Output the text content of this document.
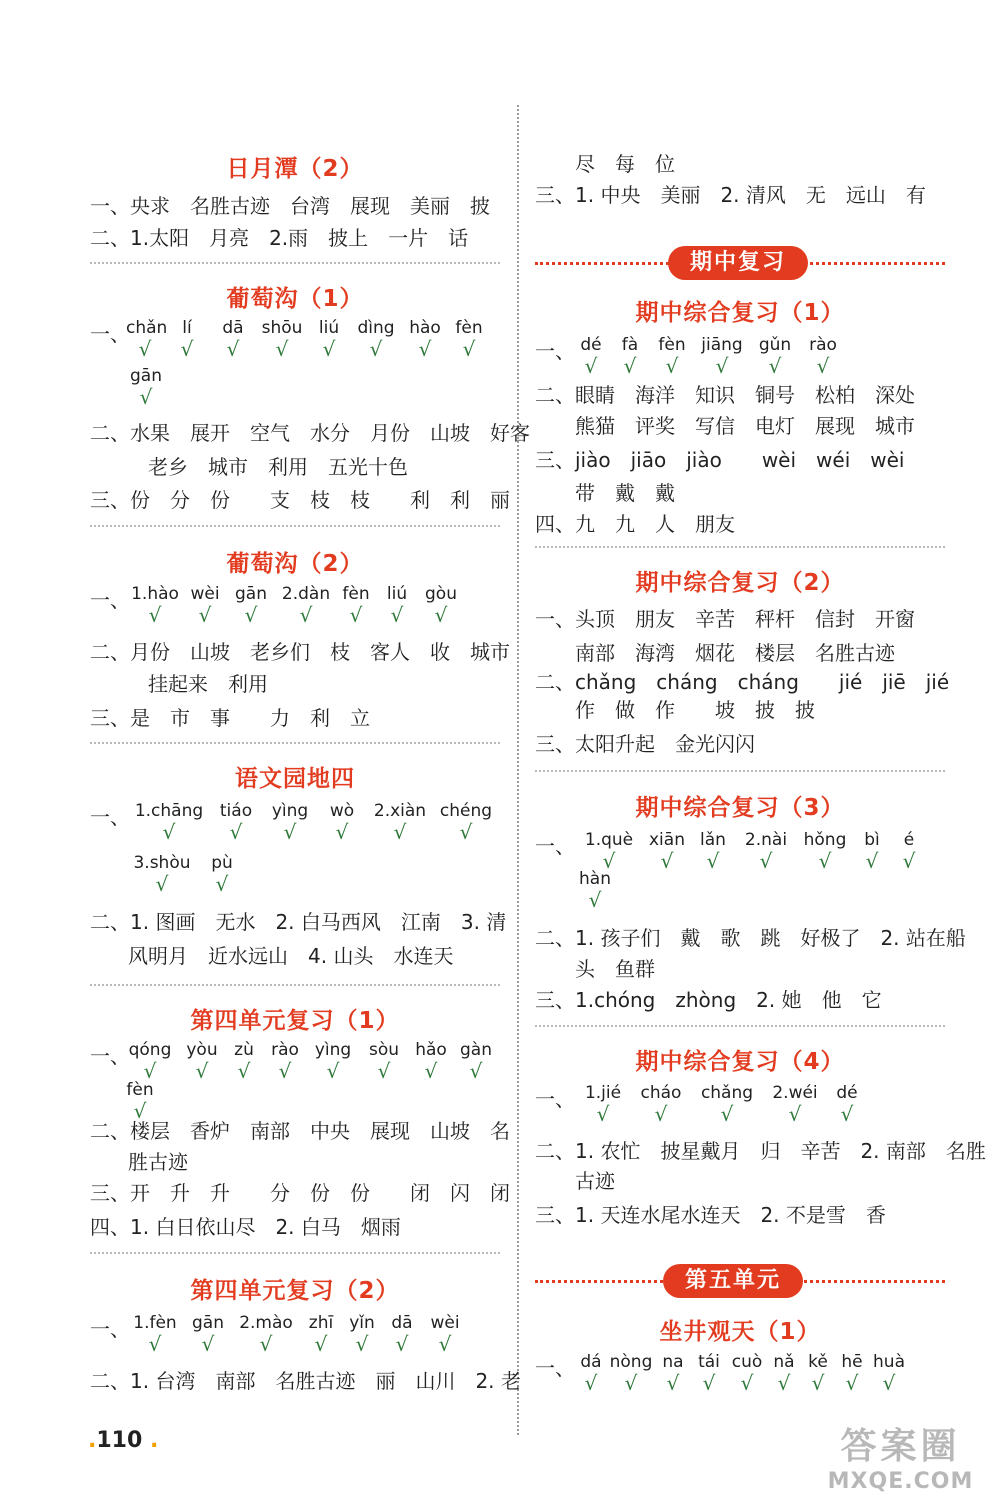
日月潭（2）
一、央求　名胜古迹　台湾　展现　美丽　披
二、1.太阳　月亮　2.雨　披上　一片　话
葡萄沟（1）
一、
chǎn
√
lí
√
dā
√
shōu
√
liú
√
dìng
√
hào
√
fèn
√
gān
√
二、水果　展开　空气　水分　月份　山坡　好客
老乡　城市　利用　五光十色
三、份　分　份　　支　枝　枝　　利　利　丽
葡萄沟（2）
一、 1.hào
√
wèi
√
gān
√
2.dàn
√
fèn
√
liú
√
gòu
√
二、月份　山坡　老乡们　枝　客人　收　城市
挂起来　利用
三、是　市　事　　力　利　立
语文园地四
一、 1.chāng
√
tiáo
√
yìng
√
wò
√
2.xiàn
√
chéng
√
3.shòu
√
pù
√
二、1. 图画　无水　2. 白马西风　江南　3. 清
风明月　近水远山　4. 山头　水连天
第四单元复习（1）
一、
qóng
√
yòu
√
zù
√
rào
√
yìng
√
sòu
√
hǎo
√
gàn
√
fèn
√
二、楼层　香炉　南部　中央　展现　山坡　名
胜古迹
三、开　升　升　　分　份　份　　闭　闪　闭
四、1. 白日依山尽　2. 白马　烟雨
第四单元复习（2）
一、 1.fèn
√
gān
√
2.mào
√
zhī
√
yǐn
√
dā
√
wèi
√
二、1. 台湾　南部　名胜古迹　丽　山川　2. 老
.110 .
尽　每　位
三、1. 中央　美丽　2. 清风　无　远山　有
期中复习
期中综合复习（1）
一、 dé
√
fà
√
fèn
√
jiāng
√
gǔn
√
rào
√
二、眼睛　海洋　知识　铜号　松柏　深处
熊猫　评奖　写信　电灯　展现　城市
三、jiào　jiāo　jiào　　wèi　wéi　wèi
带　戴　戴
四、九　九　人　朋友
期中综合复习（2）
一、头顶　朋友　辛苦　秤杆　信封　开窗
南部　海湾　烟花　楼层　名胜古迹
二、chǎng　cháng　cháng　　jié　jiē　jié
作　做　作　　坡　披　披
三、太阳升起　金光闪闪
期中综合复习（3）
一、 1.què
√
xiān
√
lǎn
√
2.nài
√
hǒng
√
bì
√
é
√
hàn
√
二、1. 孩子们　戴　歌　跳　好极了　2. 站在船
头　鱼群
三、1.chóng　zhòng　2. 她　他　它
期中综合复习（4）
一、 1.jié
√
cháo
√
chǎng
√
2.wéi
√
dé
√
二、1. 农忙　披星戴月　归　辛苦　2. 南部　名胜
古迹
三、1. 天连水尾水连天　2. 不是雪　香
第五单元
坐井观天（1）
一、 dá
√
nòng
√
na
√
tái
√
cuò
√
nǎ
√
kě
√
hē
√
huà
√
答案圈
MXQE.COM
